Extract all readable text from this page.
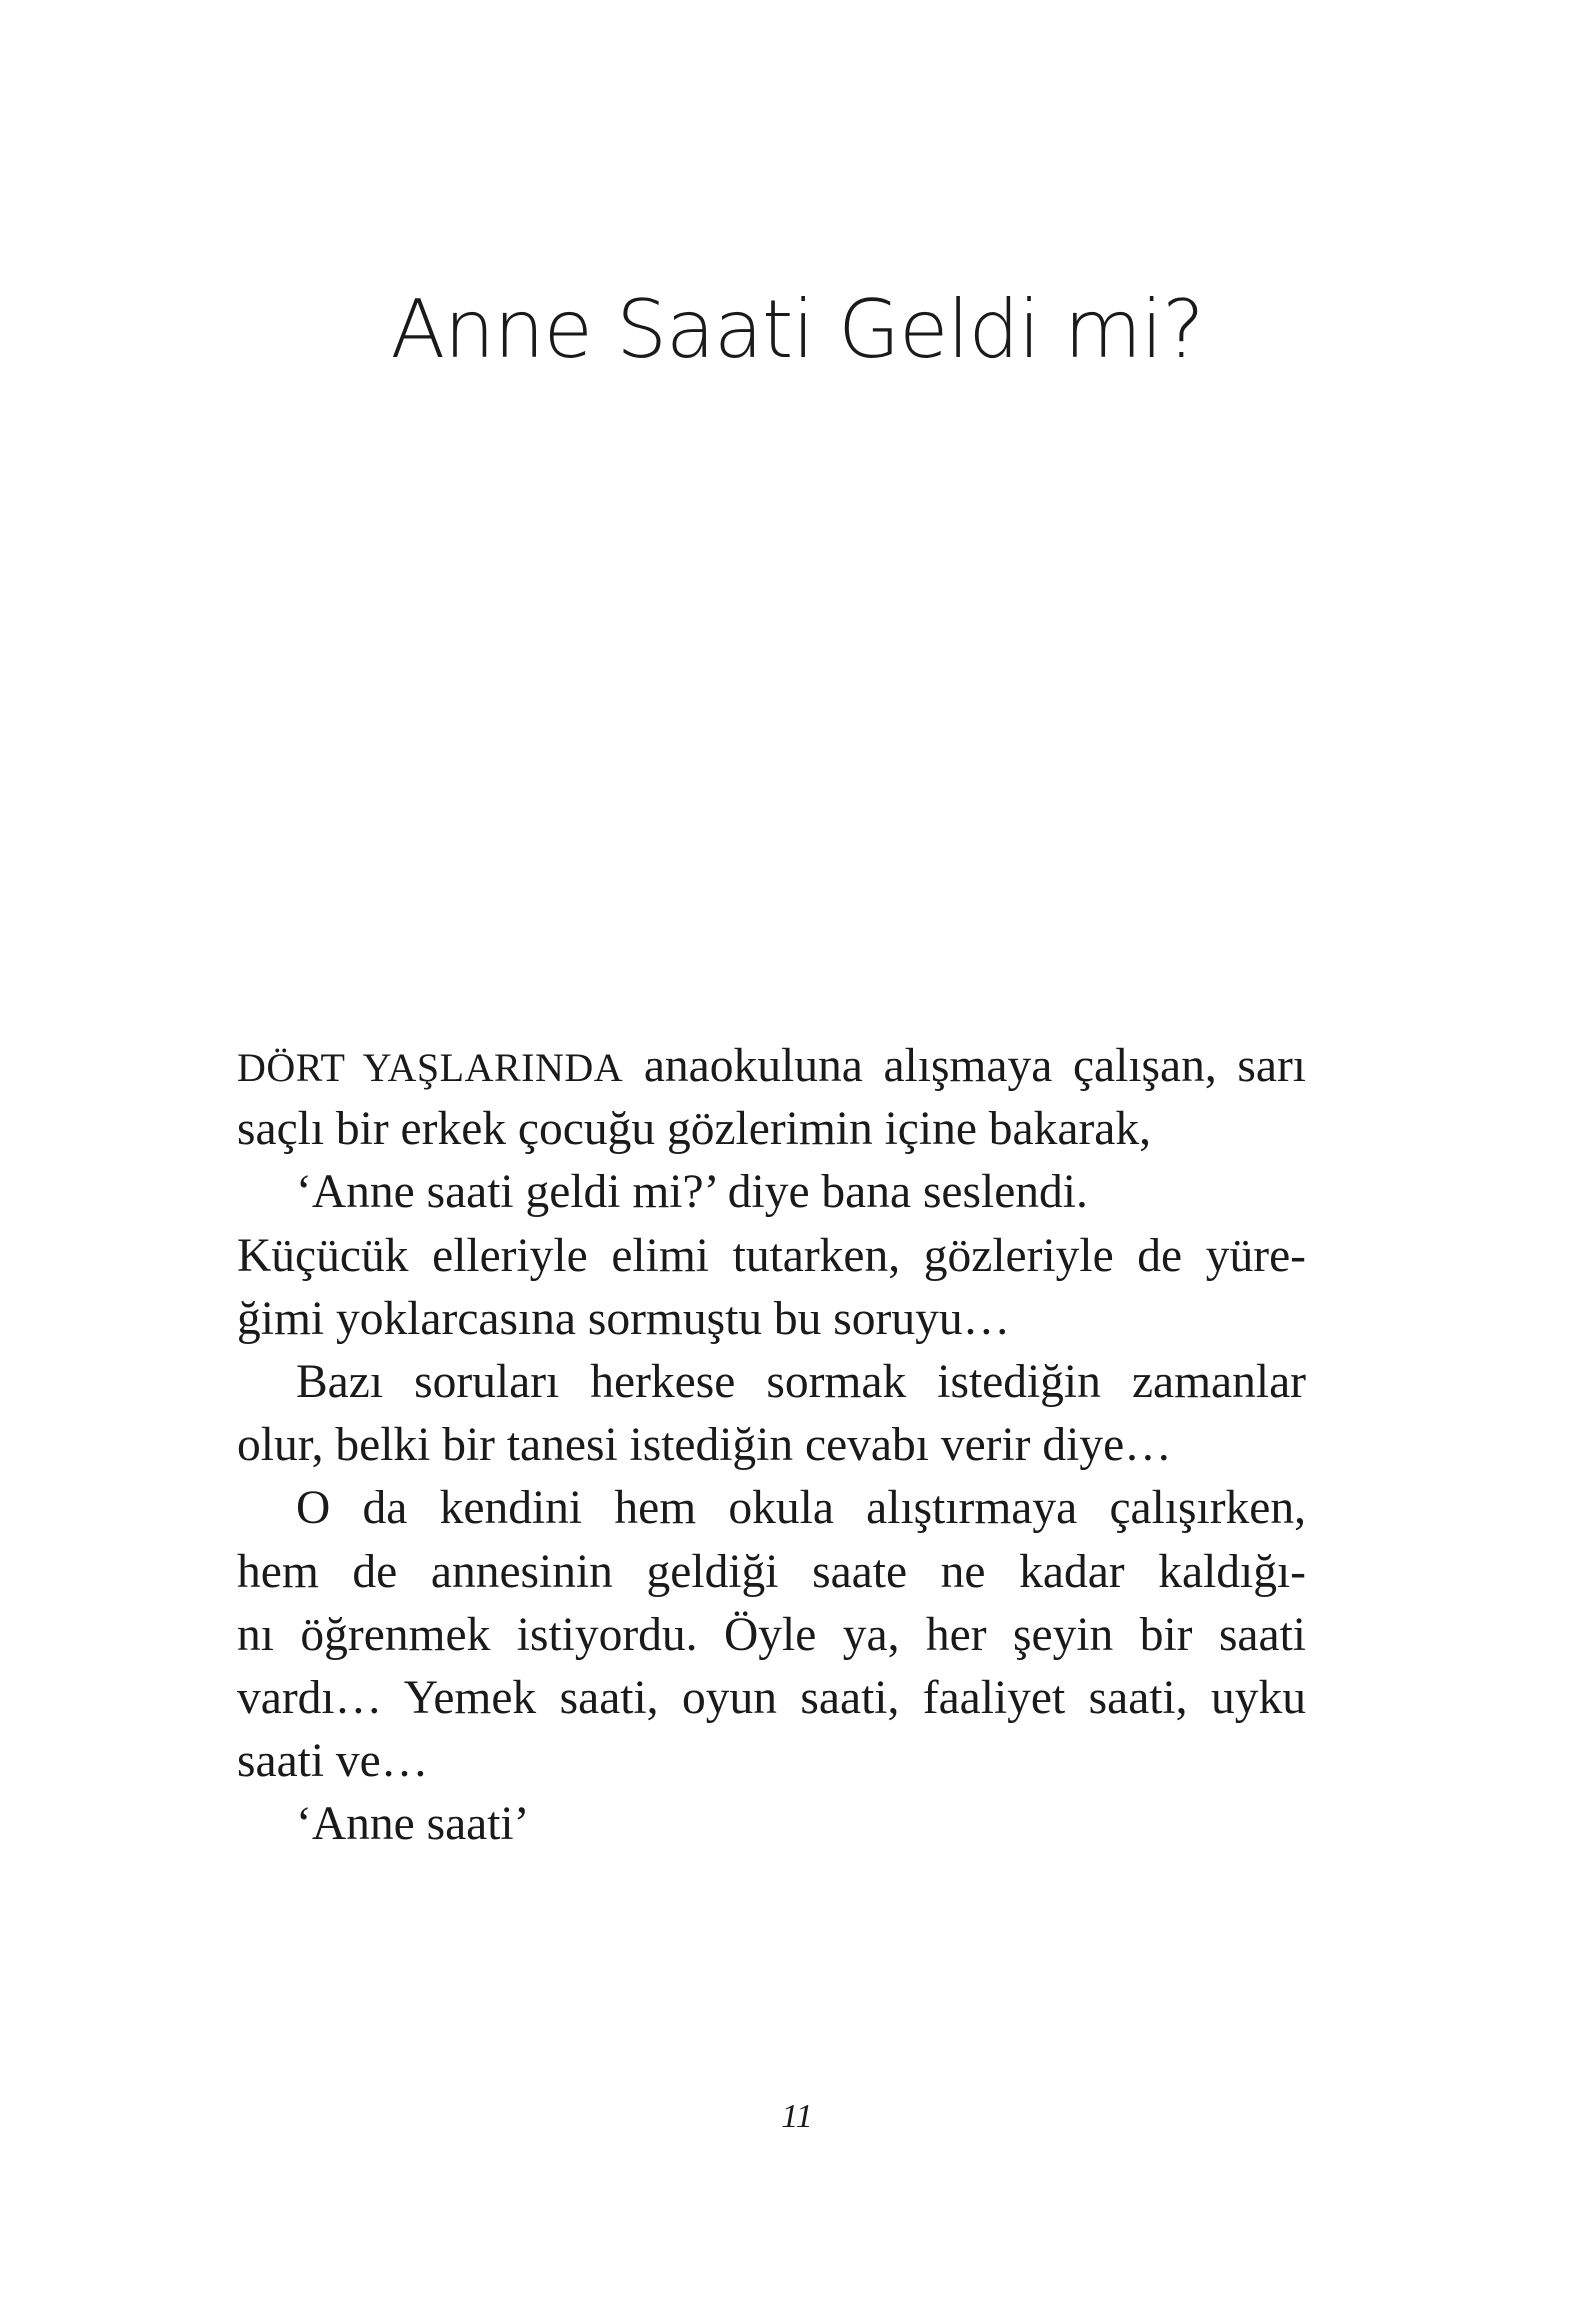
Anne Saati Geldi mi?
DÖRT YAŞLARINDA anaokuluna alışmaya çalışan, sarı
saçlı bir erkek çocuğu gözlerimin içine bakarak,
‘Anne saati geldi mi?’ diye bana seslendi.
Küçücük elleriyle elimi tutarken, gözleriyle de yüre-
ğimi yoklarcasına sormuştu bu soruyu…
Bazı soruları herkese sormak istediğin zamanlar
olur, belki bir tanesi istediğin cevabı verir diye…
O da kendini hem okula alıştırmaya çalışırken,
hem de annesinin geldiği saate ne kadar kaldığı-
nı öğrenmek istiyordu. Öyle ya, her şeyin bir saati
vardı… Yemek saati, oyun saati, faaliyet saati, uyku
saati ve…
‘Anne saati’
11
